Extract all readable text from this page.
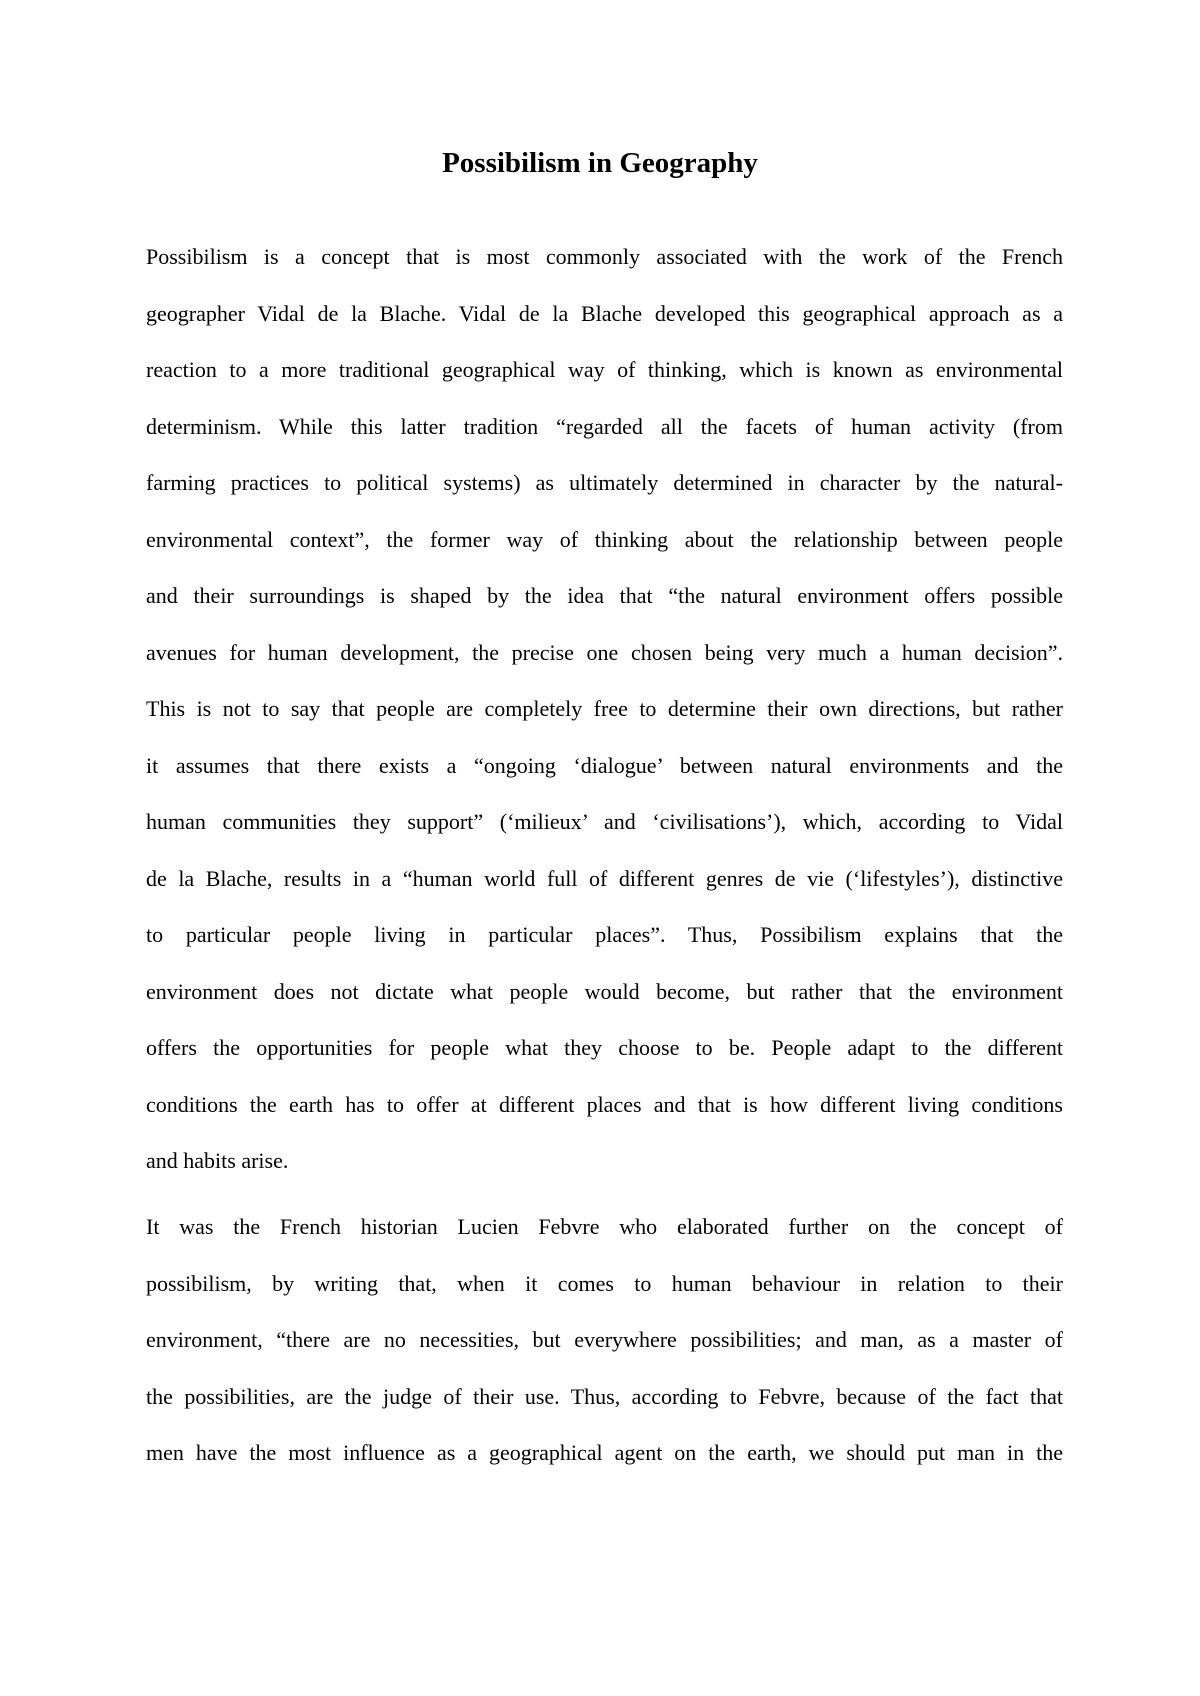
Possibilism in Geography
Possibilism is a concept that is most commonly associated with the work of the French
geographer Vidal de la Blache. Vidal de la Blache developed this geographical approach as a
reaction to a more traditional geographical way of thinking, which is known as environmental
determinism. While this latter tradition “regarded all the facets of human activity (from
farming practices to political systems) as ultimately determined in character by the natural-
environmental context”, the former way of thinking about the relationship between people
and their surroundings is shaped by the idea that “the natural environment offers possible
avenues for human development, the precise one chosen being very much a human decision”.
This is not to say that people are completely free to determine their own directions, but rather
it assumes that there exists a “ongoing ‘dialogue’ between natural environments and the
human communities they support” (‘milieux’ and ‘civilisations’), which, according to Vidal
de la Blache, results in a “human world full of different genres de vie (‘lifestyles’), distinctive
to particular people living in particular places”. Thus, Possibilism explains that the
environment does not dictate what people would become, but rather that the environment
offers the opportunities for people what they choose to be. People adapt to the different
conditions the earth has to offer at different places and that is how different living conditions
and habits arise.
It was the French historian Lucien Febvre who elaborated further on the concept of
possibilism, by writing that, when it comes to human behaviour in relation to their
environment, “there are no necessities, but everywhere possibilities; and man, as a master of
the possibilities, are the judge of their use. Thus, according to Febvre, because of the fact that
men have the most influence as a geographical agent on the earth, we should put man in the
